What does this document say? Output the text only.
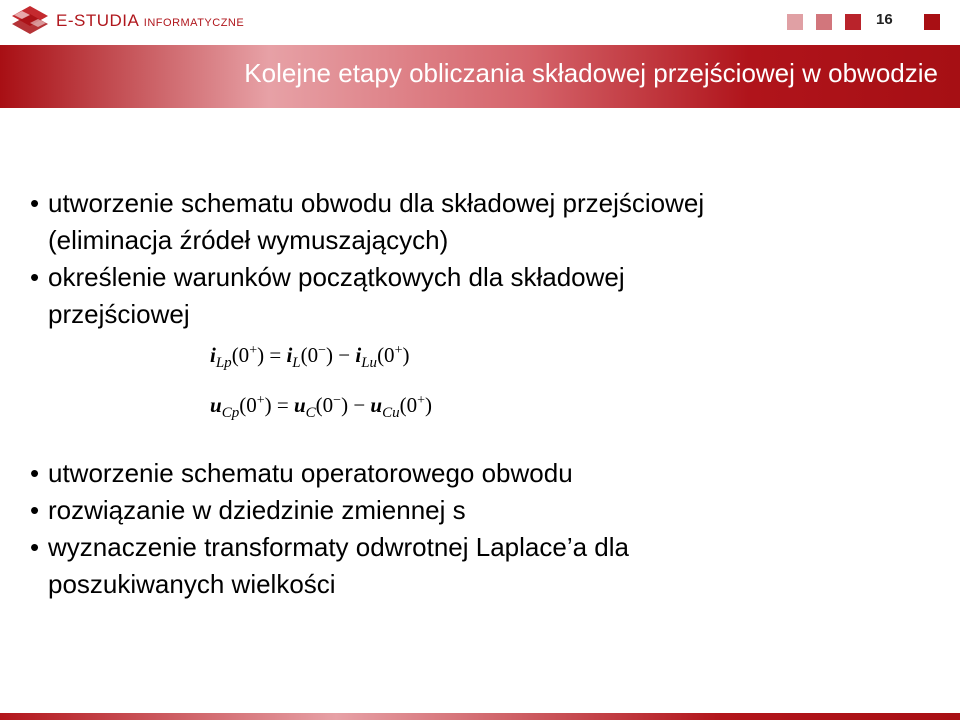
E-STUDIA INFORMATYCZNE	16
Kolejne etapy obliczania składowej przejściowej w obwodzie
• utworzenie schematu obwodu dla składowej przejściowej
(eliminacja źródeł wymuszających)
• określenie warunków początkowych dla składowej
przejściowej
$i_{Lp}(0^+) = i_L(0^-) - i_{Lu}(0^+)$
$u_{Cp}(0^+) = u_C(0^-) - u_{Cu}(0^+)$
• utworzenie schematu operatorowego obwodu
• rozwiązanie w dziedzinie zmiennej s
• wyznaczenie transformaty odwrotnej Laplace’a dla
poszukiwanych wielkości
